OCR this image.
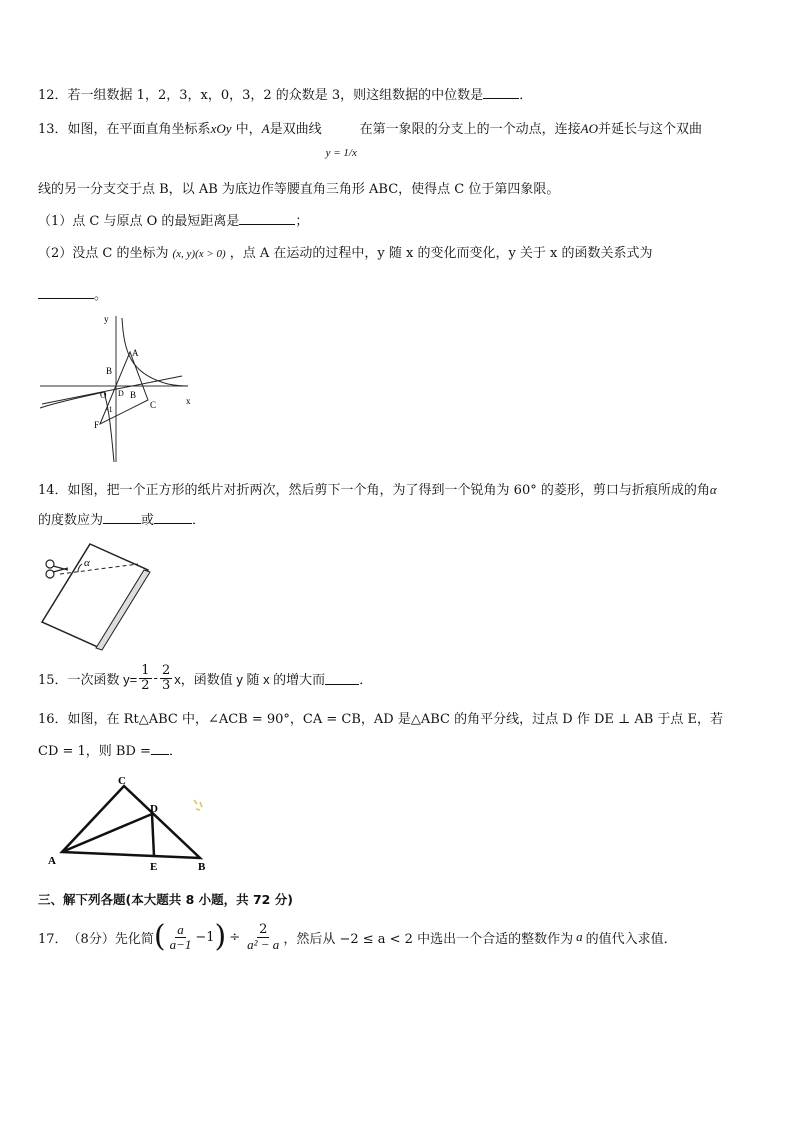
12．若一组数据 1，2，3，x，0，3，2 的众数是 3，则这组数据的中位数是	．
13．如图，在平面直角坐标系xOy 中，A是双曲线
y = 1/x
在第一象限的分支上的一个动点，连接AO并延长与这个双曲
线的另一分支交于点 B，以 AB 为底边作等腰直角三角形 ABC，使得点 C 位于第四象限。
（1）点 C 与原点 O 的最短距离是	；
（2）没点 C 的坐标为 (x, y)(x > 0) ，点 A 在运动的过程中，y 随 x 的变化而变化，y 关于 x 的函数关系式为
。
y
x
A
B
B
O
C
D
-1
F
14．如图，把一个正方形的纸片对折两次，然后剪下一个角，为了得到一个锐角为 60° 的菱形，剪口与折痕所成的角α
的度数应为	或	．
α
15． 一次函数 $y= \frac{1}{2} - \frac{2}{3}$ x，函数值 y 随 x 的增大而	．
16．如图，在 Rt△ABC 中，∠ACB = 90°，CA = CB，AD 是△ABC 的角平分线，过点 D 作 DE ⊥ AB 于点 E，若
CD = 1，则 BD = ．
C
D
A	E	B
三、解下列各题(本大题共 8 小题，共 72 分)
17． （8分） 先化简 ( $\frac{a}{a-1} -1$ ) ÷ $\frac{2}{\text{a² − a}}$ ，然后从 −2 ≤ a < 2 中选出一个合适的整数作为 a 的值代入求值．
